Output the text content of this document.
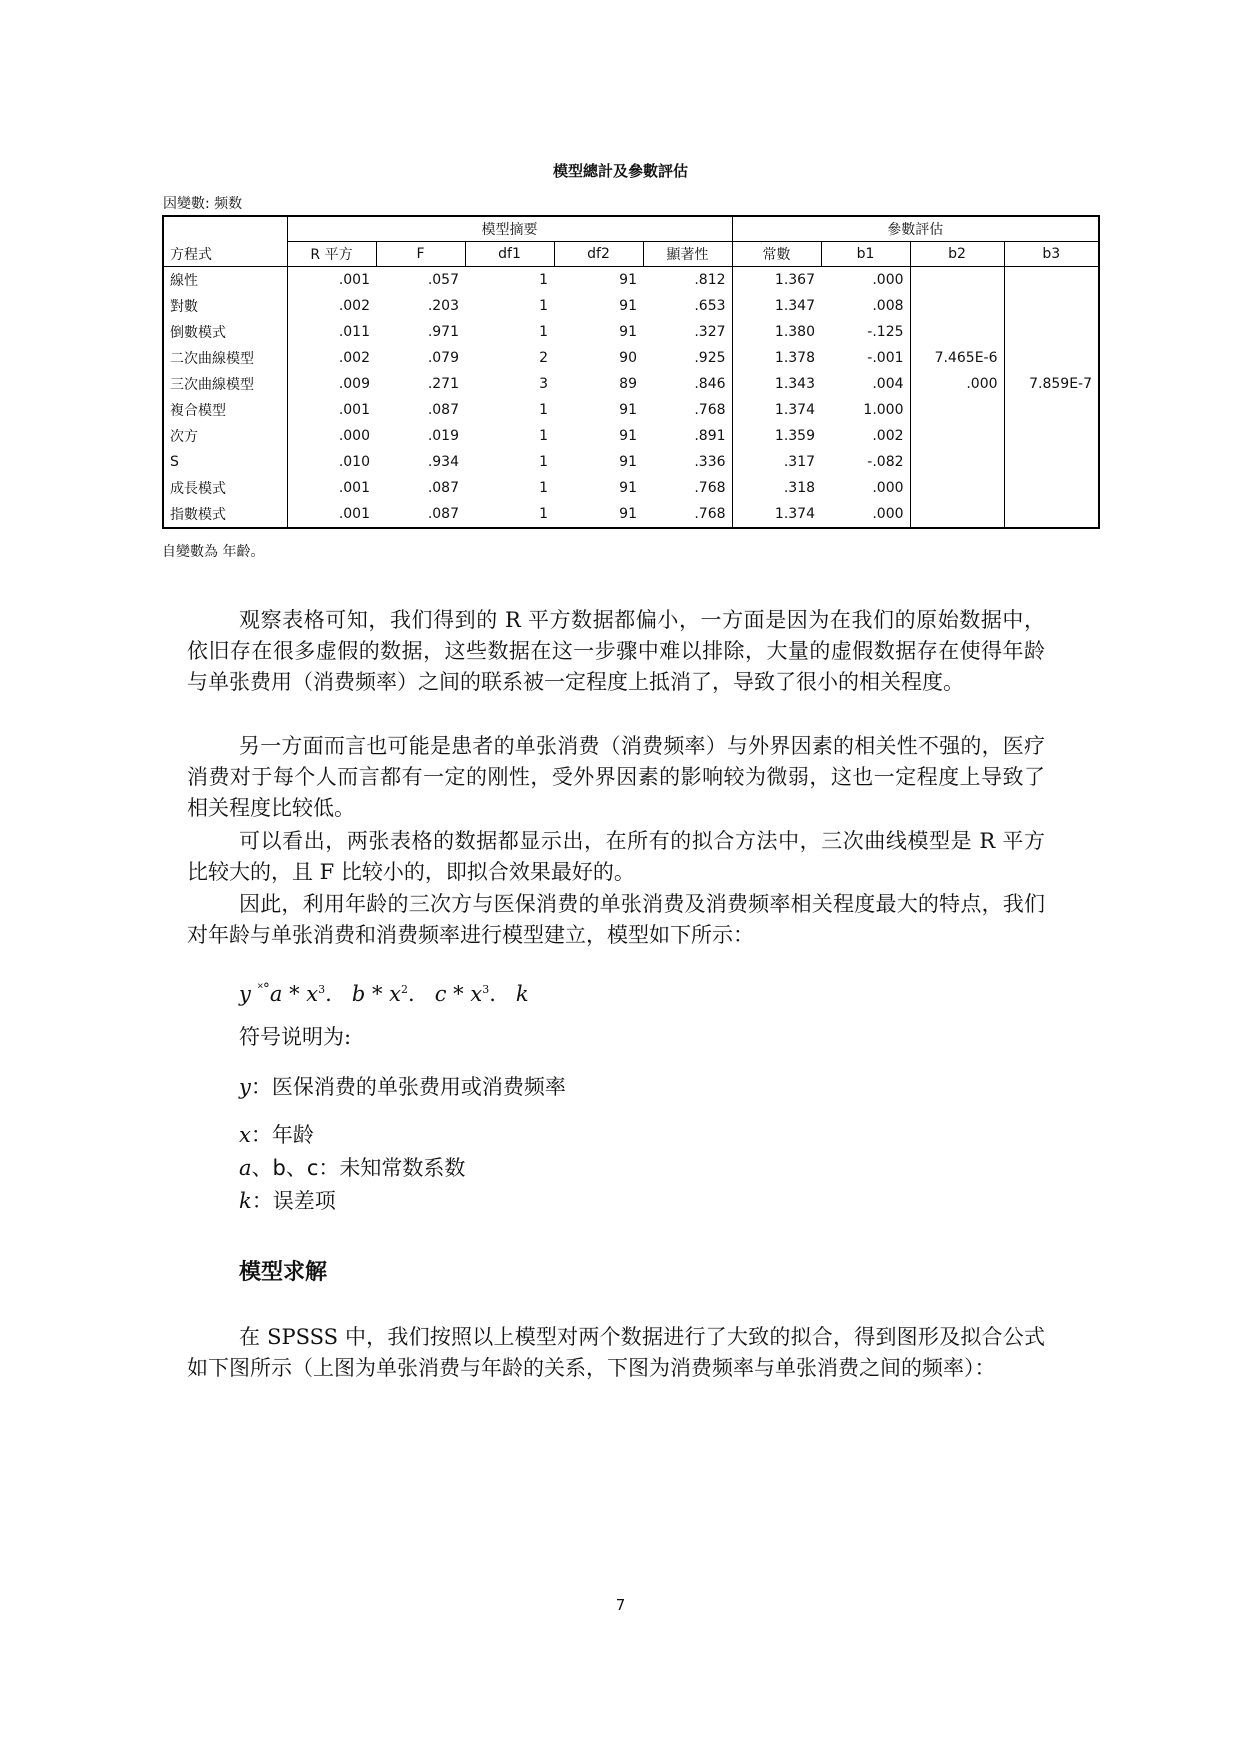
模型總計及參數評估
因變數: 频数
	模型摘要					參數評估			
方程式	R 平方	F	df1	df2	顯著性	常數	b1	b2	b3
線性	.001	.057	1	91	.812	1.367	.000		
對數	.002	.203	1	91	.653	1.347	.008		
倒數模式	.011	.971	1	91	.327	1.380	-.125		
二次曲線模型	.002	.079	2	90	.925	1.378	-.001	7.465E-6	
三次曲線模型	.009	.271	3	89	.846	1.343	.004	.000	7.859E-7
複合模型	.001	.087	1	91	.768	1.374	1.000		
次方	.000	.019	1	91	.891	1.359	.002		
S	.010	.934	1	91	.336	.317	-.082		
成長模式	.001	.087	1	91	.768	.318	.000		
指數模式	.001	.087	1	91	.768	1.374	.000		
自變數為 年齡。

观察表格可知，我们得到的 R 平方数据都偏小，一方面是因为在我们的原始数据中，依旧存在很多虚假的数据，这些数据在这一步骤中难以排除，大量的虚假数据存在使得年龄与单张费用（消费频率）之间的联系被一定程度上抵消了，导致了很小的相关程度。

另一方面而言也可能是患者的单张消费（消费频率）与外界因素的相关性不强的，医疗消费对于每个人而言都有一定的刚性，受外界因素的影响较为微弱，这也一定程度上导致了相关程度比较低。

可以看出，两张表格的数据都显示出，在所有的拟合方法中，三次曲线模型是 R 平方比较大的，且 F 比较小的，即拟合效果最好的。

因此，利用年龄的三次方与医保消费的单张消费及消费频率相关程度最大的特点，我们对年龄与单张消费和消费频率进行模型建立，模型如下所示：

y $^{˟^\circ}a * x^3$. b * $x^2$. c * $x^3$. k
符号说明为:
y：医保消费的单张费用或消费频率
x：年龄
a、b、c：未知常数系数
k：误差项
模型求解

在 SPSSS 中，我们按照以上模型对两个数据进行了大致的拟合，得到图形及拟合公式如下图所示（上图为单张消费与年龄的关系，下图为消费频率与单张消费之间的频率）：

7
